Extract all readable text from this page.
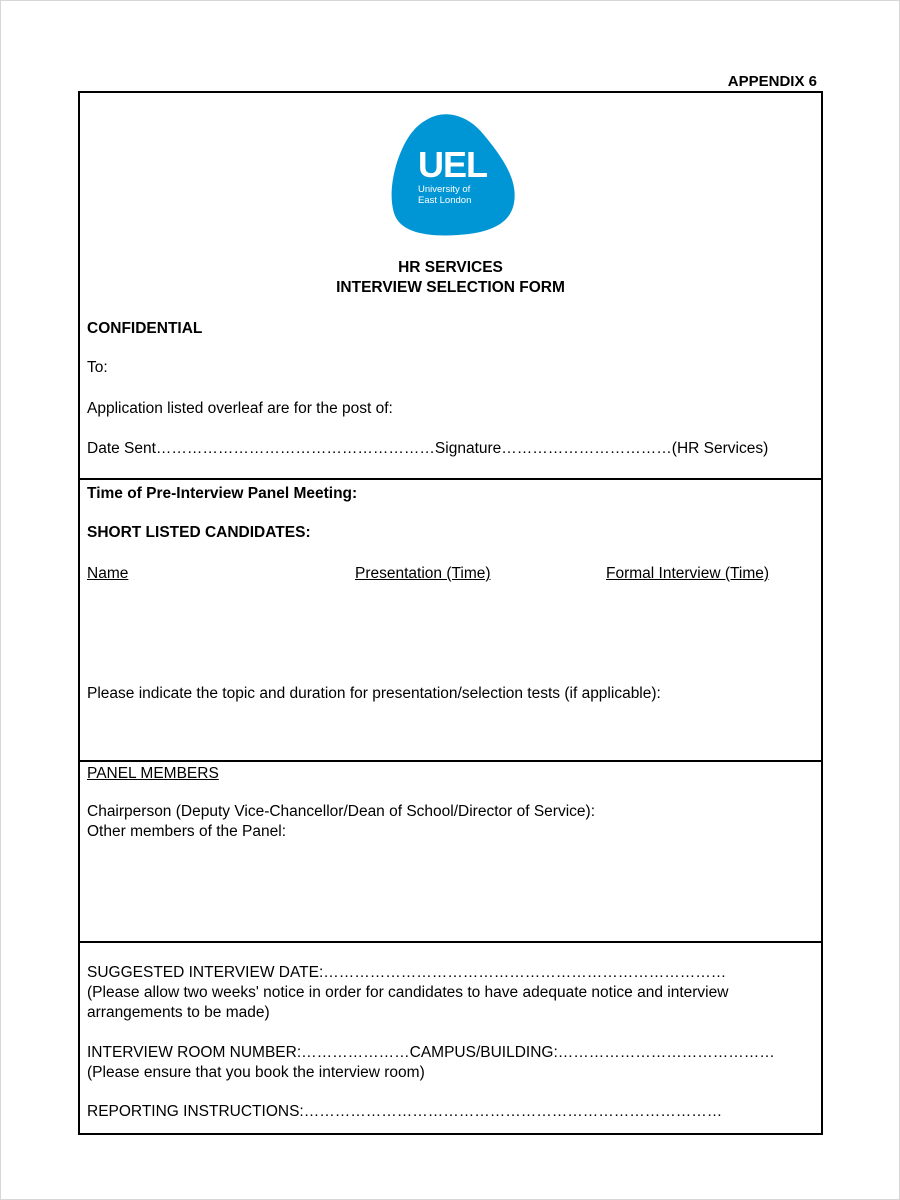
APPENDIX 6
UEL
University of
East London
HR SERVICES
INTERVIEW SELECTION FORM
CONFIDENTIAL
To:
Application listed overleaf are for the post of:
Date Sent………………………………………………Signature……………………………(HR Services)
Time of Pre-Interview Panel Meeting:
SHORT LISTED CANDIDATES:
Name	Presentation (Time)	Formal Interview (Time)
Please indicate the topic and duration for presentation/selection tests (if applicable):
PANEL MEMBERS
Chairperson (Deputy Vice-Chancellor/Dean of School/Director of Service):
Other members of the Panel:
SUGGESTED INTERVIEW DATE:……………………………………………………………………
(Please allow two weeks' notice in order for candidates to have adequate notice and interview
arrangements to be made)
INTERVIEW ROOM NUMBER:…………………CAMPUS/BUILDING:……………………………………
(Please ensure that you book the interview room)
REPORTING INSTRUCTIONS:………………………………………………………………………
